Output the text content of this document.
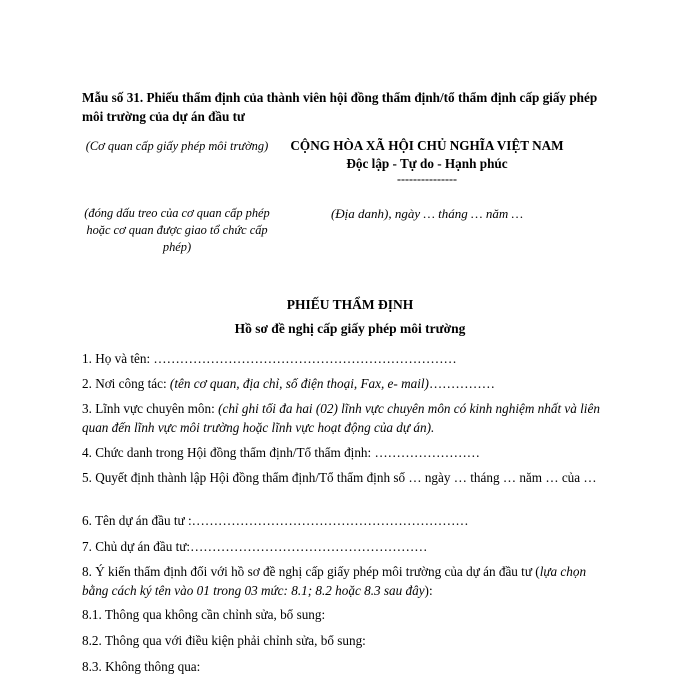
Mẫu số 31. Phiếu thẩm định của thành viên hội đồng thẩm định/tổ thẩm định cấp giấy phép môi trường của dự án đầu tư
(Cơ quan cấp giấy phép môi trường)
(đóng dấu treo của cơ quan cấp phép hoặc cơ quan được giao tổ chức cấp phép)
CỘNG HÒA XÃ HỘI CHỦ NGHĨA VIỆT NAM
Độc lập - Tự do - Hạnh phúc
---------------
(Địa danh), ngày … tháng … năm …
PHIẾU THẨM ĐỊNH
Hồ sơ đề nghị cấp giấy phép môi trường
1. Họ và tên: ……………………………………………………………
2. Nơi công tác: (tên cơ quan, địa chỉ, số điện thoại, Fax, e- mail)……………
3. Lĩnh vực chuyên môn: (chỉ ghi tối đa hai (02) lĩnh vực chuyên môn có kinh nghiệm nhất và liên quan đến lĩnh vực môi trường hoặc lĩnh vực hoạt động của dự án).
4. Chức danh trong Hội đồng thẩm định/Tổ thẩm định: ……………………
5. Quyết định thành lập Hội đồng thẩm định/Tổ thẩm định số … ngày … tháng … năm … của …
6. Tên dự án đầu tư :………………………………………………………
7. Chủ dự án đầu tư:………………………………………………
8. Ý kiến thẩm định đối với hồ sơ đề nghị cấp giấy phép môi trường của dự án đầu tư (lựa chọn bằng cách ký tên vào 01 trong 03 mức: 8.1; 8.2 hoặc 8.3 sau đây):
8.1. Thông qua không cần chỉnh sửa, bổ sung:
8.2. Thông qua với điều kiện phải chỉnh sửa, bổ sung:
8.3. Không thông qua:
